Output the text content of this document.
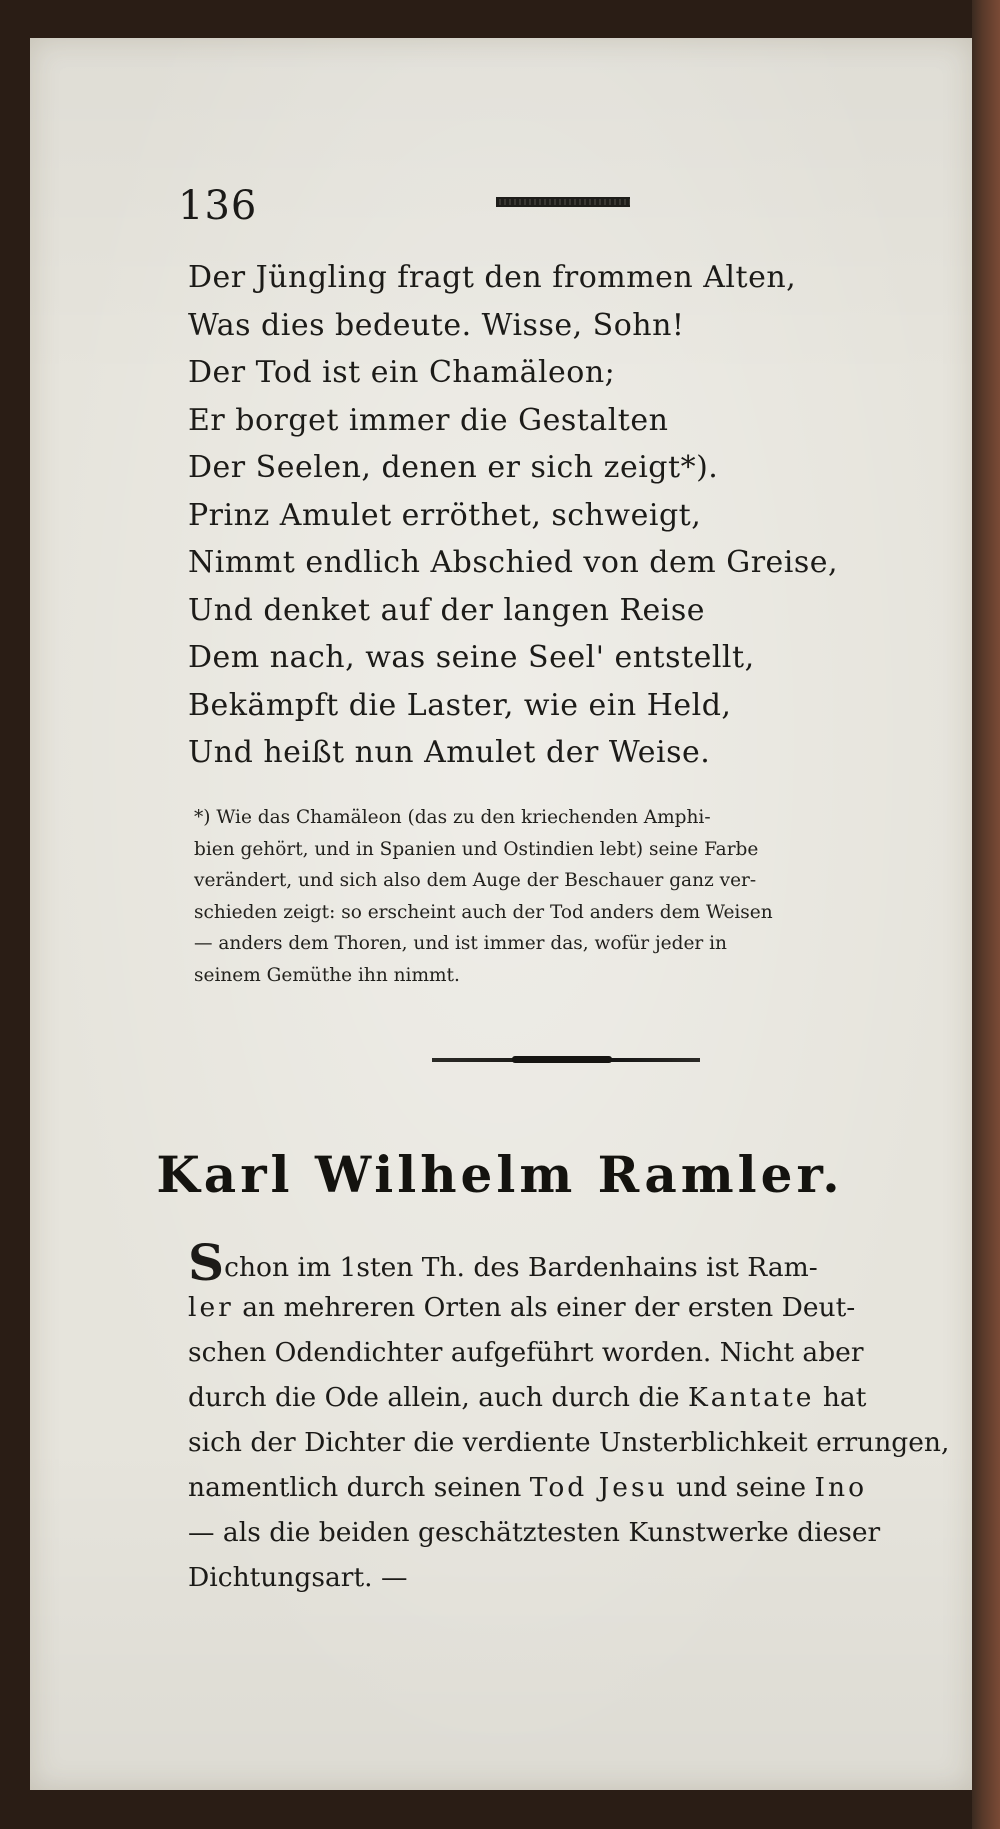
136
Der Jüngling fragt den frommen Alten,
Was dies bedeute. Wisse, Sohn!
Der Tod ist ein Chamäleon;
Er borget immer die Gestalten
Der Seelen, denen er sich zeigt*).
Prinz Amulet erröthet, schweigt,
Nimmt endlich Abschied von dem Greise,
Und denket auf der langen Reise
Dem nach, was seine Seel' entstellt,
Bekämpft die Laster, wie ein Held,
Und heißt nun Amulet der Weise.
*) Wie das Chamäleon (das zu den kriechenden Amphi-
bien gehört, und in Spanien und Ostindien lebt) seine Farbe
verändert, und sich also dem Auge der Beschauer ganz ver-
schieden zeigt: so erscheint auch der Tod anders dem Weisen
— anders dem Thoren, und ist immer das, wofür jeder in
seinem Gemüthe ihn nimmt.
Karl Wilhelm Ramler.
Schon im 1sten Th. des Bardenhains ist Ram-
ler an mehreren Orten als einer der ersten Deut-
schen Odendichter aufgeführt worden. Nicht aber
durch die Ode allein, auch durch die Kantate hat
sich der Dichter die verdiente Unsterblichkeit errungen,
namentlich durch seinen Tod Jesu und seine Ino
— als die beiden geschätztesten Kunstwerke dieser
Dichtungsart. —
